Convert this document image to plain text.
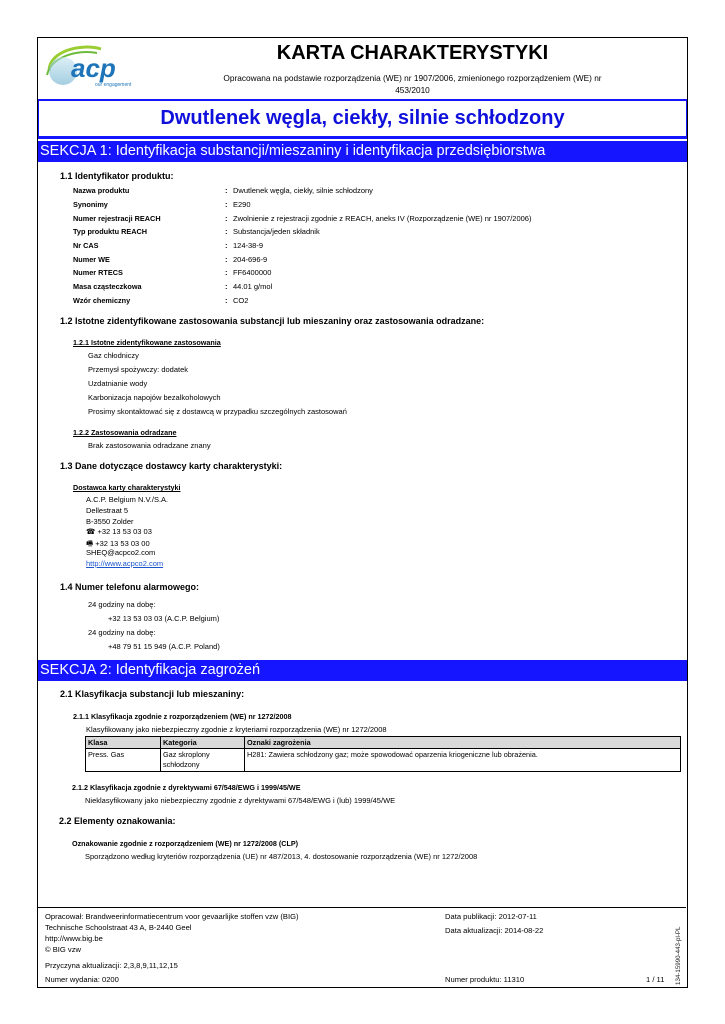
acp
our engagement
KARTA CHARAKTERYSTYKI
Opracowana na podstawie rozporządzenia (WE) nr 1907/2006, zmienionego rozporządzeniem (WE) nr
453/2010
Dwutlenek węgla, ciekły, silnie schłodzony
SEKCJA 1: Identyfikacja substancji/mieszaniny i identyfikacja przedsiębiorstwa
1.1 Identyfikator produktu:
Nazwa produktu	: Dwutlenek węgla, ciekły, silnie schłodzony
Synonimy	: E290
Numer rejestracji REACH	: Zwolnienie z rejestracji zgodnie z REACH, aneks IV (Rozporządzenie (WE) nr 1907/2006)
Typ produktu REACH	: Substancja/jeden składnik
Nr CAS	: 124-38-9
Numer WE	: 204-696-9
Numer RTECS	: FF6400000
Masa cząsteczkowa	: 44.01 g/mol
Wzór chemiczny	: CO2
1.2 Istotne zidentyfikowane zastosowania substancji lub mieszaniny oraz zastosowania odradzane:
1.2.1 Istotne zidentyfikowane zastosowania
Gaz chłodniczy
Przemysł spożywczy: dodatek
Uzdatnianie wody
Karbonizacja napojów bezalkoholowych
Prosimy skontaktować się z dostawcą w przypadku szczególnych zastosowań
1.2.2 Zastosowania odradzane
Brak zastosowania odradzane znany
1.3 Dane dotyczące dostawcy karty charakterystyki:
Dostawca karty charakterystyki
A.C.P. Belgium N.V./S.A.
Dellestraat 5
B-3550 Zolder
☎ +32 13 53 03 03
🖷 +32 13 53 03 00
SHEQ@acpco2.com
http://www.acpco2.com
1.4 Numer telefonu alarmowego:
24 godziny na dobę:
+32 13 53 03 03 (A.C.P. Belgium)
24 godziny na dobę:
+48 79 51 15 949 (A.C.P. Poland)
SEKCJA 2: Identyfikacja zagrożeń
2.1 Klasyfikacja substancji lub mieszaniny:
2.1.1 Klasyfikacja zgodnie z rozporządzeniem (WE) nr 1272/2008
Klasyfikowany jako niebezpieczny zgodnie z kryteriami rozporządzenia (WE) nr 1272/2008
Klasa	Kategoria	Oznaki zagrożenia
Press. Gas	Gaz skroplony schłodzony	H281: Zawiera schłodzony gaz; może spowodować oparzenia kriogeniczne lub obrażenia.
2.1.2 Klasyfikacja zgodnie z dyrektywami 67/548/EWG i 1999/45/WE
Nieklasyfikowany jako niebezpieczny zgodnie z dyrektywami 67/548/EWG i (lub) 1999/45/WE
2.2 Elementy oznakowania:
Oznakowanie zgodnie z rozporządzeniem (WE) nr 1272/2008 (CLP)
Sporządzono według kryteriów rozporządzenia (UE) nr 487/2013, 4. dostosowanie rozporządzenia (WE) nr 1272/2008
Opracował: Brandweerinformatiecentrum voor gevaarlijke stoffen vzw (BIG)
Technische Schoolstraat 43 A, B-2440 Geel
http://www.big.be
© BIG vzw
Przyczyna aktualizacji: 2,3,8,9,11,12,15
Numer wydania: 0200
Data publikacji: 2012-07-11
Data aktualizacji: 2014-08-22
Numer produktu: 11310	1 / 11 134-15990-443-pl-PL
